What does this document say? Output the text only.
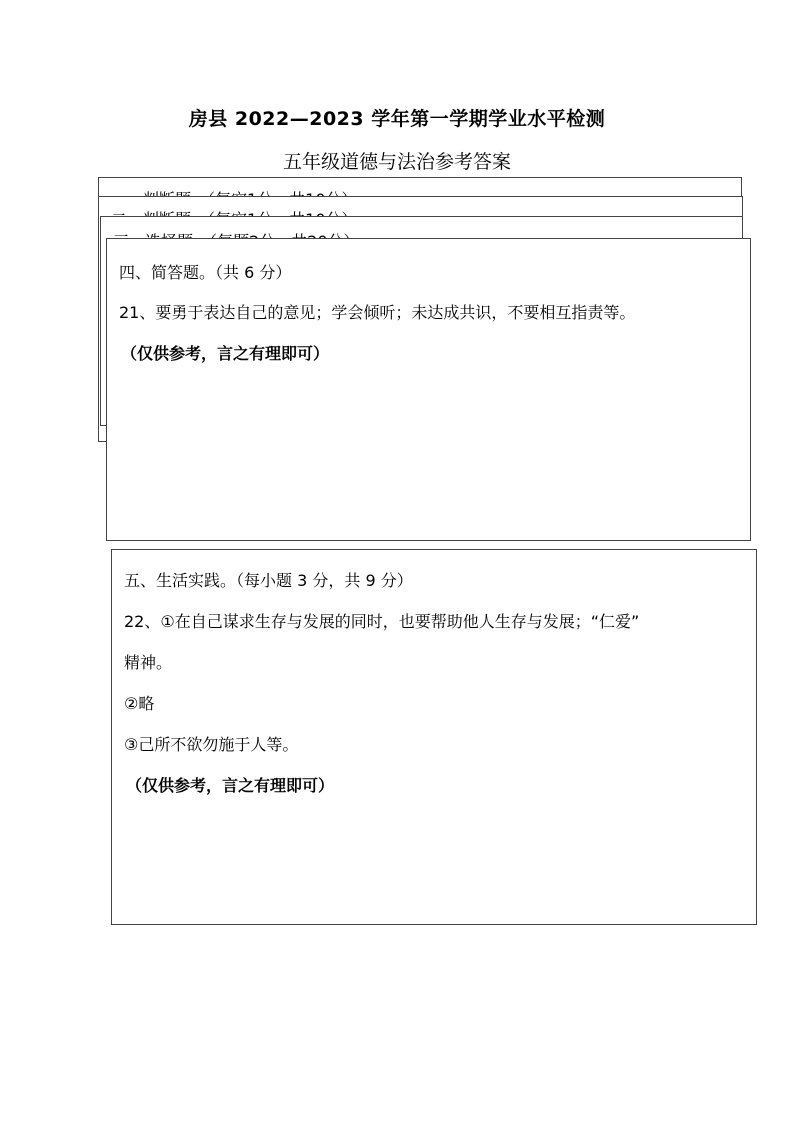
房县 2022—2023 学年第一学期学业水平检测
五年级道德与法治参考答案
四、简答题。（共 6 分）
21、要勇于表达自己的意见；学会倾听；未达成共识，不要相互指责等。
（仅供参考，言之有理即可）
五、生活实践。（每小题 3 分，共 9 分）
22、①在自己谋求生存与发展的同时，也要帮助他人生存与发展；“仁爱”
精神。
②略
③己所不欲勿施于人等。
（仅供参考，言之有理即可）
